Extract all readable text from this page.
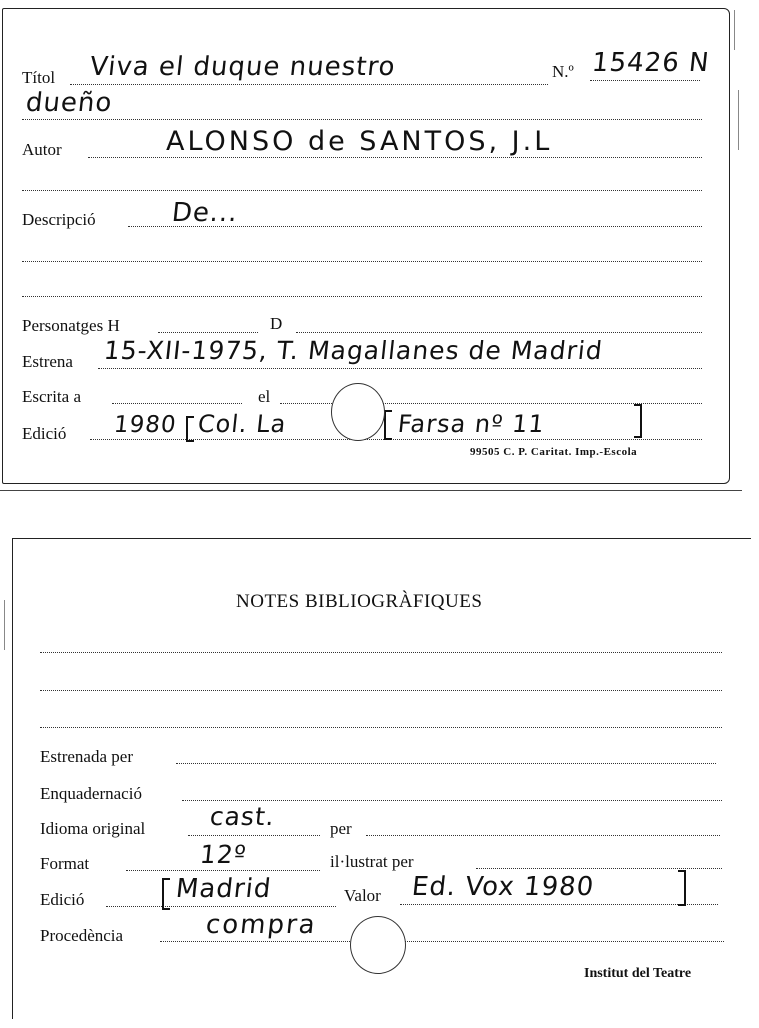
Títol Viva el duque nuestro	N.º 15426 N
dueño
Autor	ALONSO de SANTOS, J.L
Descripció	De...
Personatges H	D
Estrena 15-XII-1975, T. Magallanes de Madrid
Escrita a	el
Edició 1980 Col. La	Farsa nº 11
99505 C. P. Caritat. Imp.-Escola
NOTES BIBLIOGRÀFIQUES
Estrenada per
Enquadernació
Idioma original	cast.	per
Format	12º	il·lustrat per
Edició	Madrid	Valor Ed. Vox 1980
Procedència	compra
Institut del Teatre
